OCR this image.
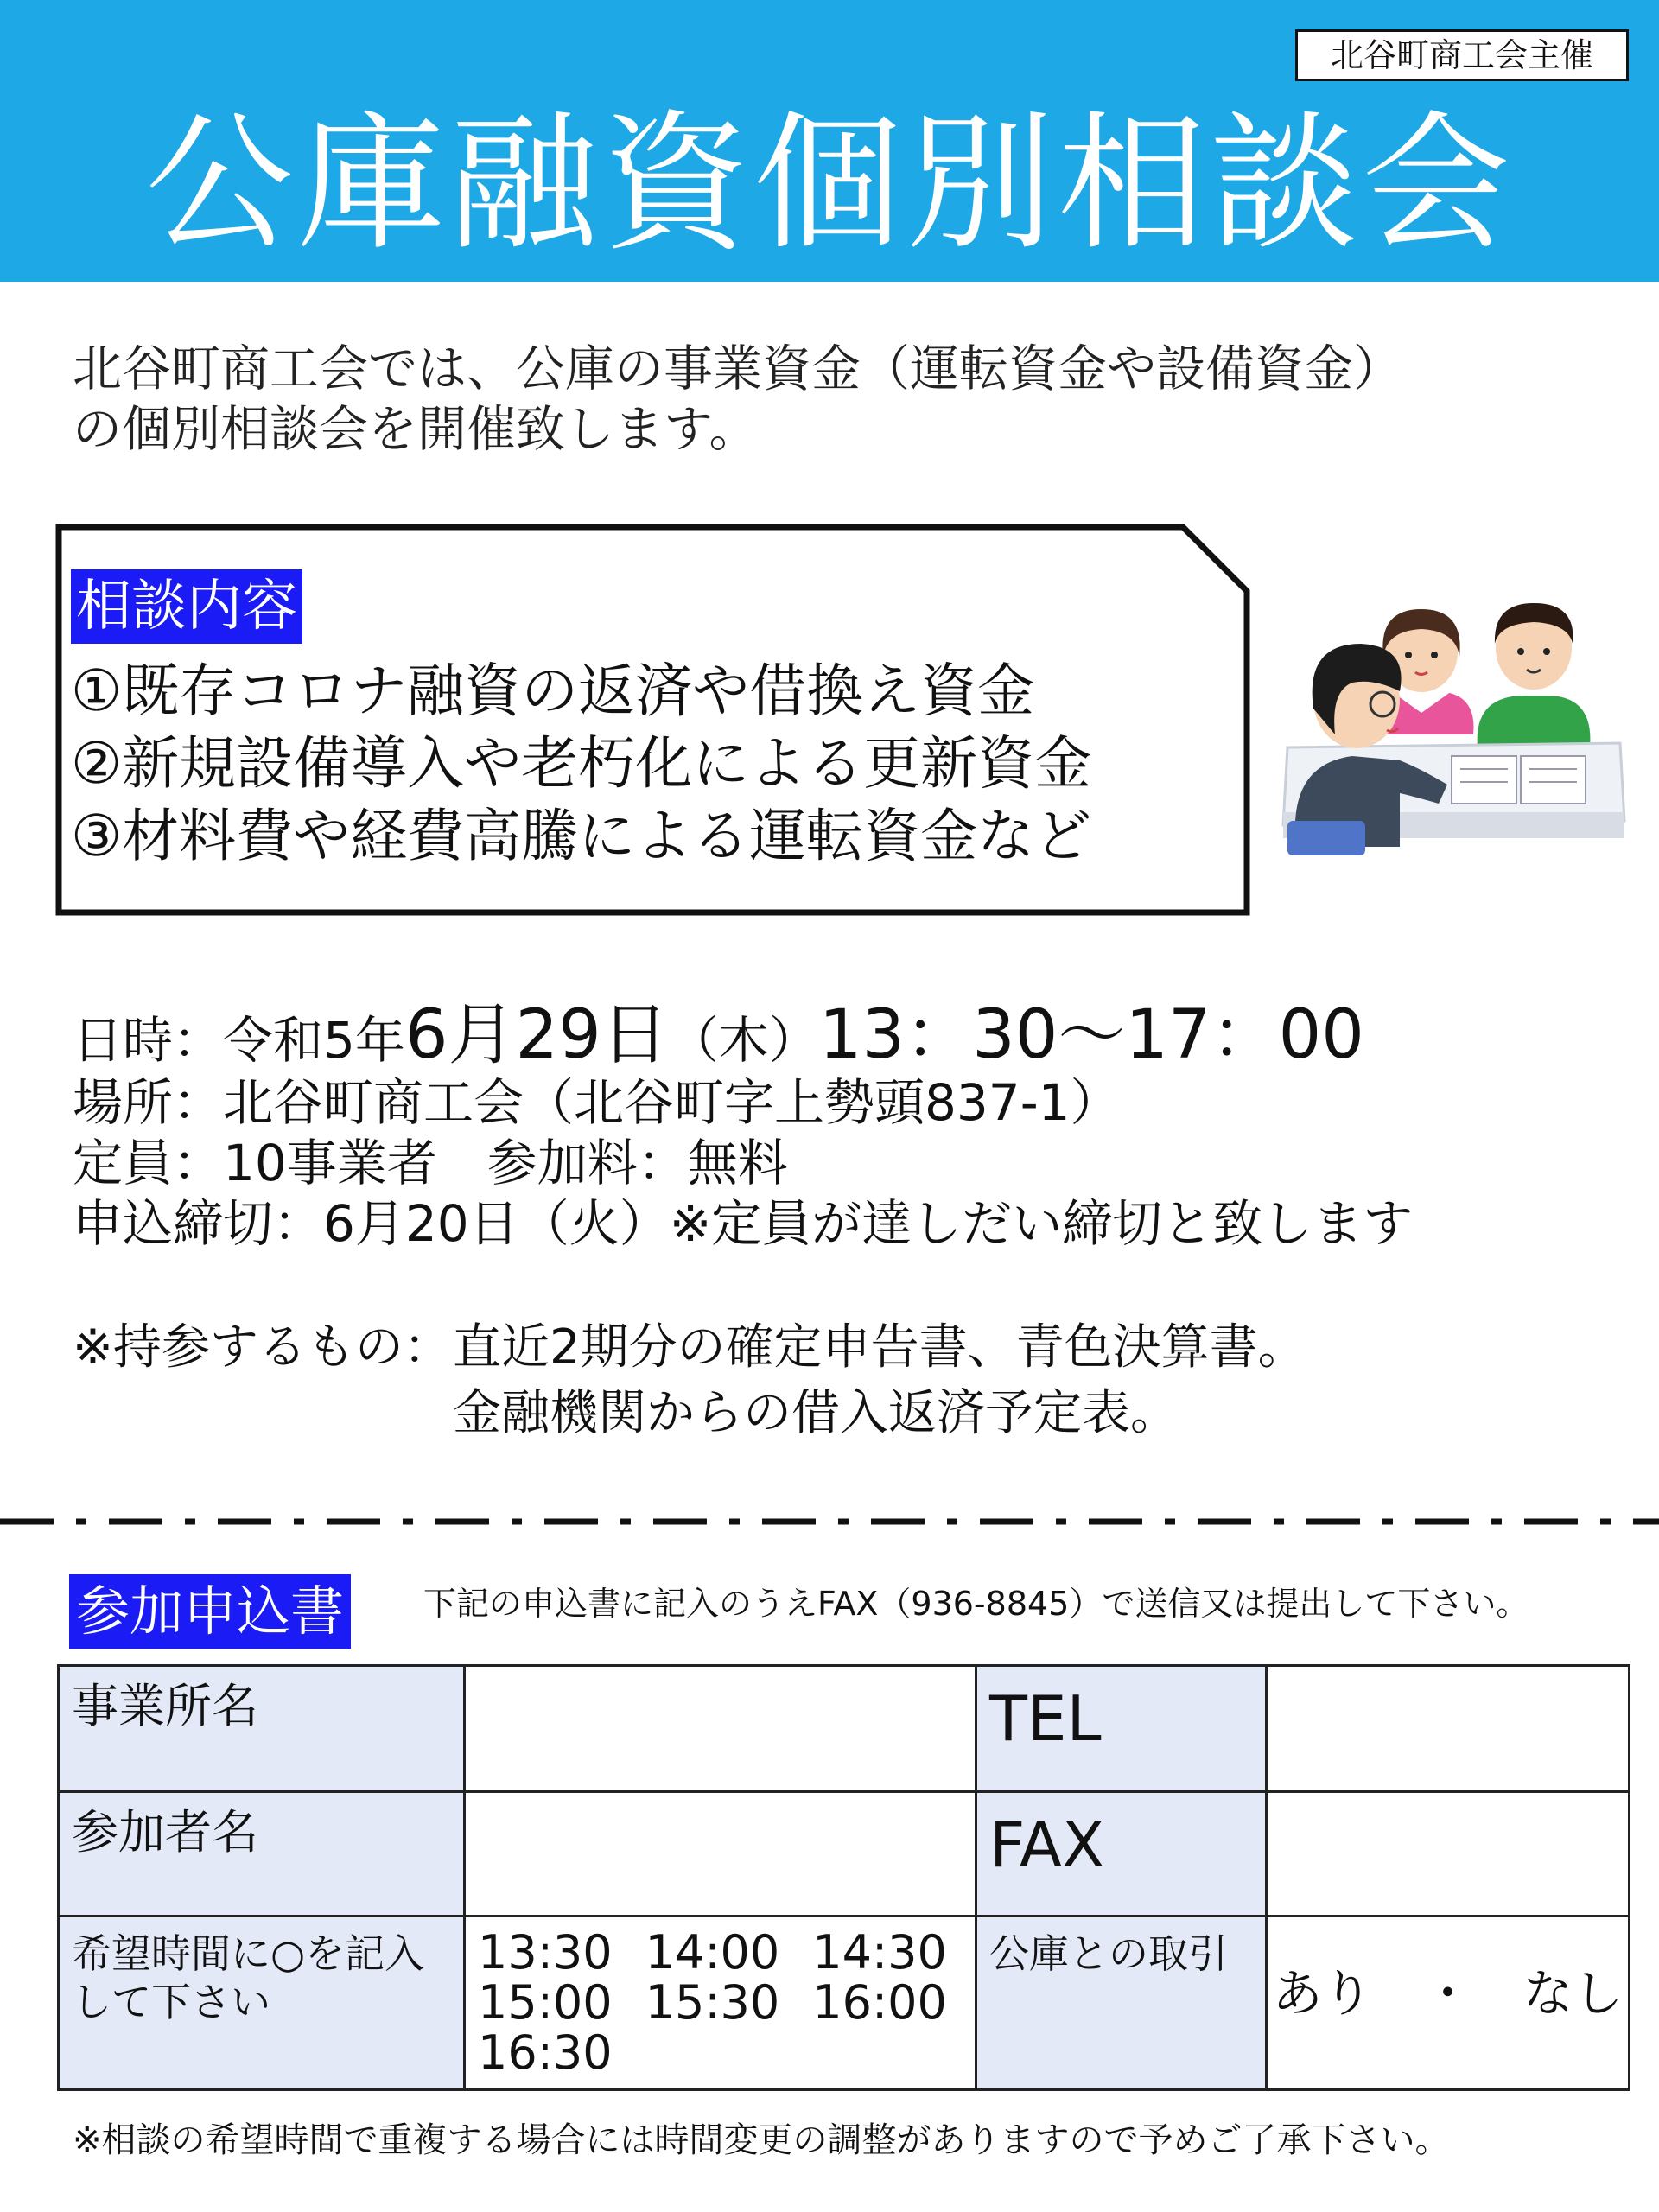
北谷町商工会主催
公庫融資個別相談会
北谷町商工会では、公庫の事業資金（運転資金や設備資金）
の個別相談会を開催致します。
相談内容
①既存コロナ融資の返済や借換え資金
②新規設備導入や老朽化による更新資金
③材料費や経費高騰による運転資金など
日時：令和5年6月29日（木）13：30〜17：00
場所：北谷町商工会（北谷町字上勢頭837-1）
定員：10事業者　参加料：無料
申込締切：6月20日（火）※定員が達しだい締切と致します
※持参するもの： 直近2期分の確定申告書、青色決算書。
金融機関からの借入返済予定表。
参加申込書 下記の申込書に記入のうえFAX（936-8845）で送信又は提出して下さい。
事業所名		TEL	

参加者名		FAX	

希望時間に○を記入して下さい	13:30 14:00 14:30
15:00 15:30 16:00
16:30	公庫との取引	あり　・　なし
※相談の希望時間で重複する場合には時間変更の調整がありますので予めご了承下さい。
